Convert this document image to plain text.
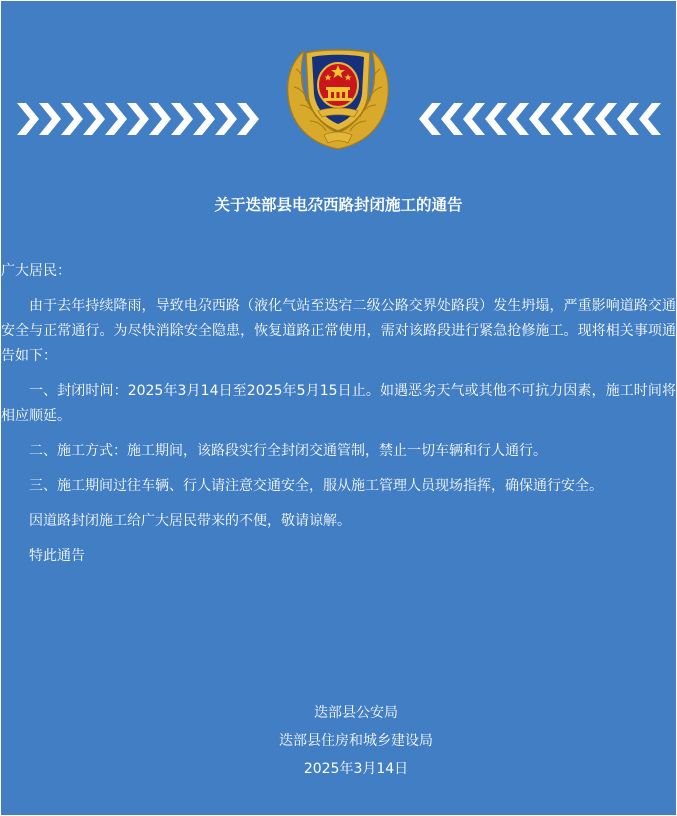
关于迭部县电尕西路封闭施工的通告

广大居民：

由于去年持续降雨，导致电尕西路（液化气站至迭宕二级公路交界处路段）发生坍塌，严重影响道路交通安全与正常通行。为尽快消除安全隐患，恢复道路正常使用，需对该路段进行紧急抢修施工。现将相关事项通告如下：

一、封闭时间：2025年3月14日至2025年5月15日止。如遇恶劣天气或其他不可抗力因素，施工时间将相应顺延。

二、施工方式：施工期间，该路段实行全封闭交通管制，禁止一切车辆和行人通行。

三、施工期间过往车辆、行人请注意交通安全，服从施工管理人员现场指挥，确保通行安全。

因道路封闭施工给广大居民带来的不便，敬请谅解。

特此通告

迭部县公安局
迭部县住房和城乡建设局
2025年3月14日
